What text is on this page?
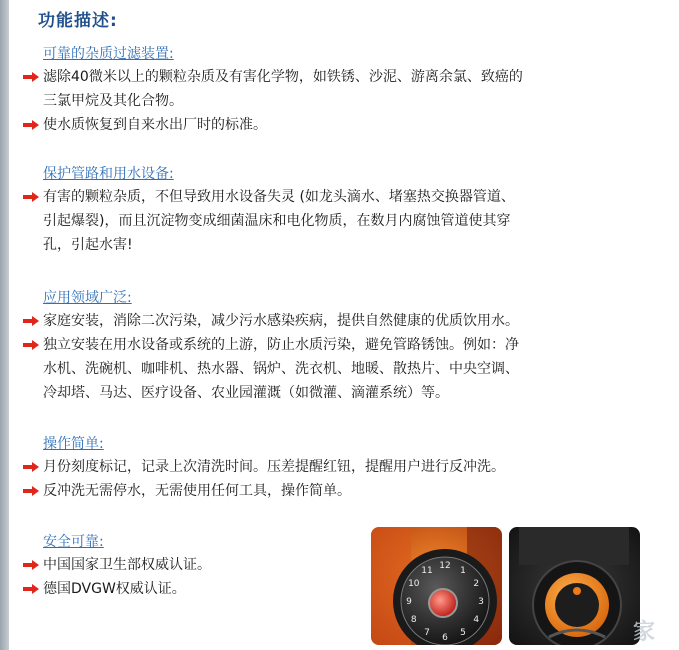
功能描述:
可靠的杂质过滤装置:
滤除40微米以上的颗粒杂质及有害化学物，如铁锈、沙泥、游离余氯、致癌的
三氯甲烷及其化合物。
使水质恢复到自来水出厂时的标准。
保护管路和用水设备:
有害的颗粒杂质，不但导致用水设备失灵 (如龙头滴水、堵塞热交换器管道、
引起爆裂)，而且沉淀物变成细菌温床和电化物质，在数月内腐蚀管道使其穿
孔，引起水害!
应用领域广泛:
家庭安装，消除二次污染，减少污水感染疾病，提供自然健康的优质饮用水。
独立安装在用水设备或系统的上游，防止水质污染，避免管路锈蚀。例如：净
水机、洗碗机、咖啡机、热水器、锅炉、洗衣机、地暖、散热片、中央空调、
冷却塔、马达、医疗设备、农业园灌溉（如微灌、滴灌系统）等。
操作简单:
月份刻度标记，记录上次清洗时间。压差提醒红钮，提醒用户进行反冲洗。
反冲洗无需停水，无需使用任何工具，操作简单。
安全可靠:
中国国家卫生部权威认证。
德国DVGW权威认证。
12 1
2
3
4
5
6
7
8
9
10
11
家
